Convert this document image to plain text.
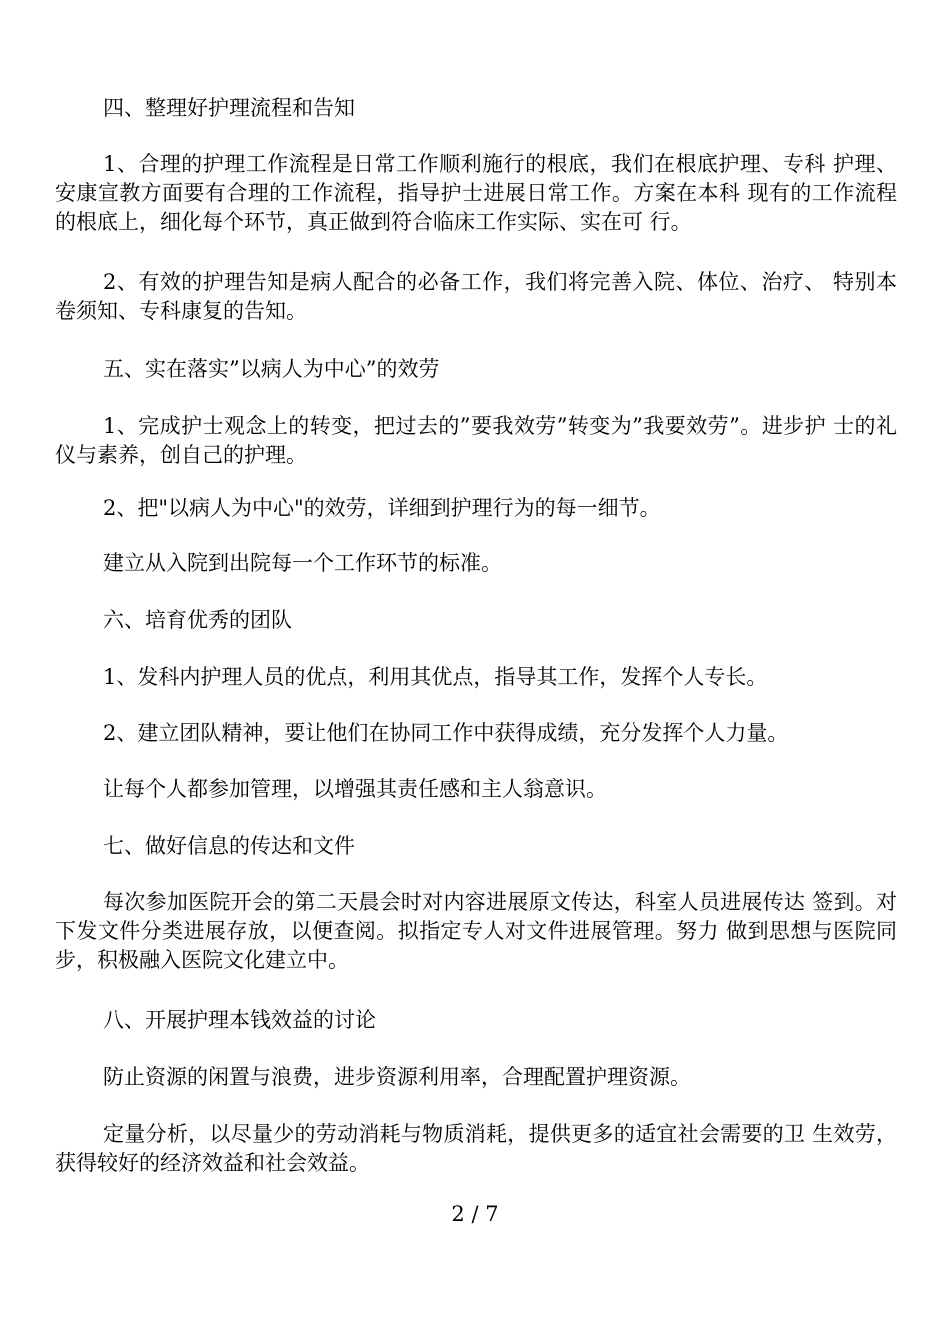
四、整理好护理流程和告知

1、合理的护理工作流程是日常工作顺利施行的根底，我们在根底护理、专科 护理、安康宣教方面要有合理的工作流程，指导护士进展日常工作。方案在本科 现有的工作流程的根底上，细化每个环节，真正做到符合临床工作实际、实在可 行。

2、有效的护理告知是病人配合的必备工作，我们将完善入院、体位、治疗、 特别本卷须知、专科康复的告知。

五、实在落实”以病人为中心”的效劳

1、完成护士观念上的转变，把过去的”要我效劳”转变为”我要效劳”。进步护 士的礼仪与素养，创自己的护理。

2、把"以病人为中心"的效劳，详细到护理行为的每一细节。

建立从入院到出院每一个工作环节的标准。

六、培育优秀的团队

1、发科内护理人员的优点，利用其优点，指导其工作，发挥个人专长。

2、建立团队精神，要让他们在协同工作中获得成绩，充分发挥个人力量。

让每个人都参加管理，以增强其责任感和主人翁意识。

七、做好信息的传达和文件

每次参加医院开会的第二天晨会时对内容进展原文传达，科室人员进展传达 签到。对下发文件分类进展存放，以便查阅。拟指定专人对文件进展管理。努力 做到思想与医院同步，积极融入医院文化建立中。

八、开展护理本钱效益的讨论

防止资源的闲置与浪费，进步资源利用率，合理配置护理资源。

定量分析，以尽量少的劳动消耗与物质消耗，提供更多的适宜社会需要的卫 生效劳，获得较好的经济效益和社会效益。

2 / 7
